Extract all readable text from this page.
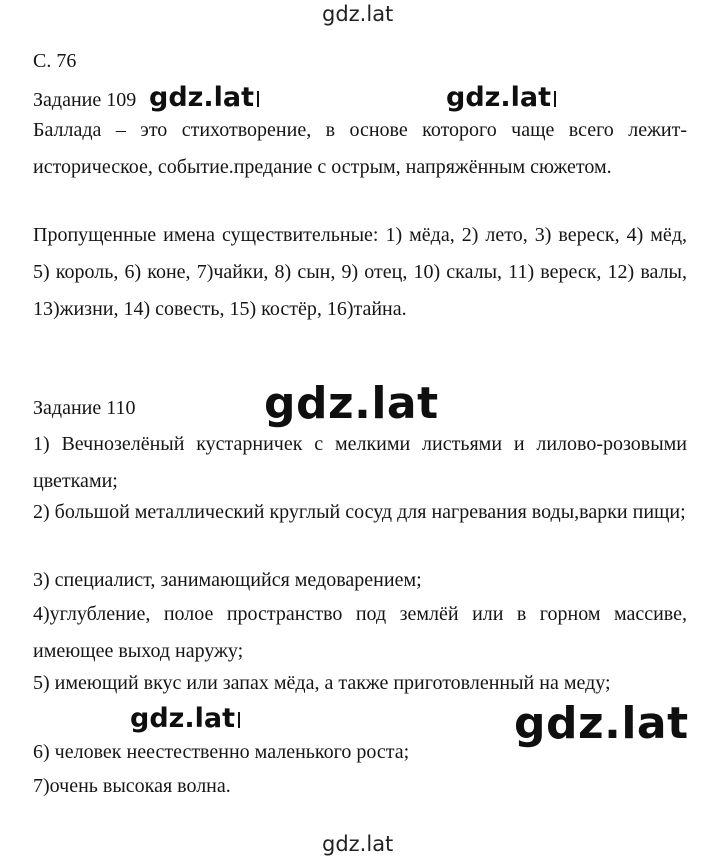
gdz.lat
С. 76
Задание 109 gdz.lat	gdz.lat
Баллада – это стихотворение, в основе которого чаще всего лежит-историческое, событие.предание с острым, напряжённым сюжетом.
Пропущенные имена существительные: 1) мёда, 2) лето, 3) вереск, 4) мёд, 5) король, 6) коне, 7)чайки, 8) сын, 9) отец, 10) скалы, 11) вереск, 12) валы, 13)жизни, 14) совесть, 15) костёр, 16)тайна.
Задание 110	gdz.lat
1) Вечнозелёный кустарничек с мелкими листьями и лилово-розовыми цветками;
2) большой металлический круглый сосуд для нагревания воды,варки пищи;
3) специалист, занимающийся медоварением;
4)углубление, полое пространство под землёй или в горном массиве, имеющее выход наружу;
5) имеющий вкус или запах мёда, а также приготовленный на меду;
gdz.lat	gdz.lat
6) человек неестественно маленького роста;
7)очень высокая волна.
gdz.lat
